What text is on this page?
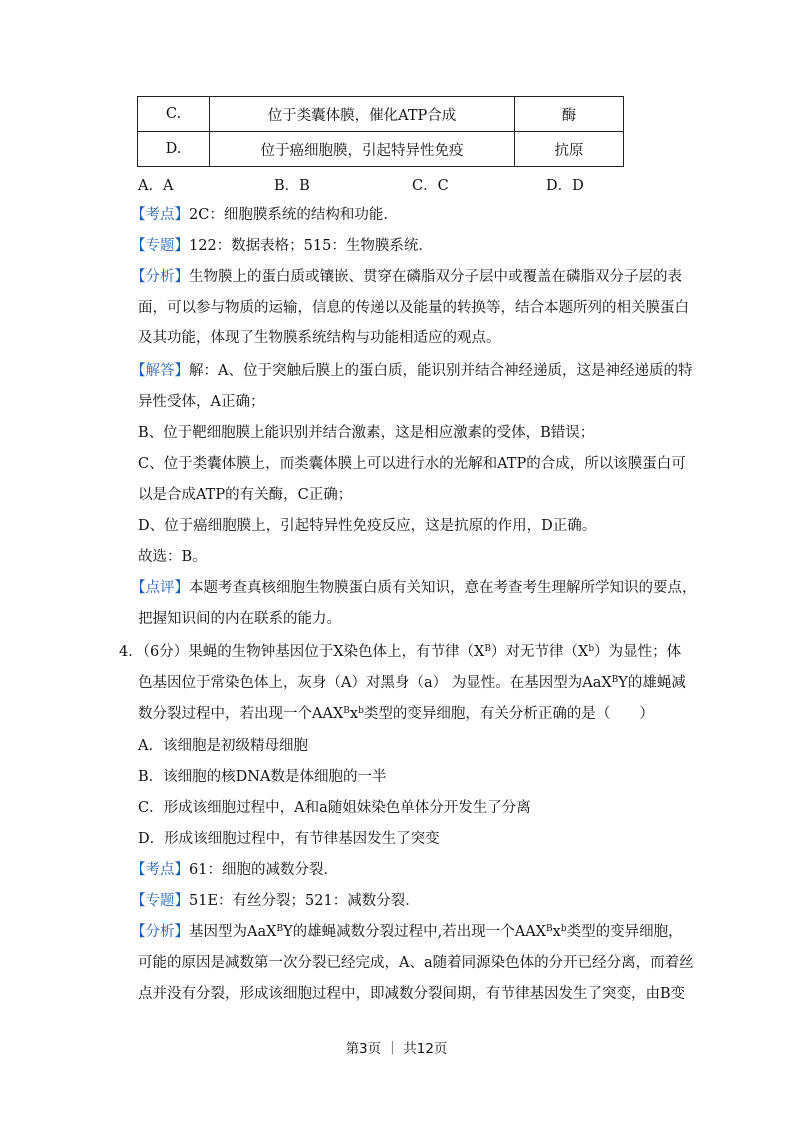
C.	位于类囊体膜，催化ATP合成	酶
D.	位于癌细胞膜，引起特异性免疫	抗原
A．A	B．B	C．C	D．D
【考点】2C：细胞膜系统的结构和功能．
【专题】122：数据表格；515：生物膜系统．
【分析】生物膜上的蛋白质或镶嵌、贯穿在磷脂双分子层中或覆盖在磷脂双分子层的表
面，可以参与物质的运输，信息的传递以及能量的转换等，结合本题所列的相关膜蛋白
及其功能，体现了生物膜系统结构与功能相适应的观点。
【解答】解：A、位于突触后膜上的蛋白质，能识别并结合神经递质，这是神经递质的特
异性受体，A正确；
B、位于靶细胞膜上能识别并结合激素，这是相应激素的受体，B错误；
C、位于类囊体膜上，而类囊体膜上可以进行水的光解和ATP的合成，所以该膜蛋白可
以是合成ATP的有关酶，C正确；
D、位于癌细胞膜上，引起特异性免疫反应，这是抗原的作用，D正确。
故选：B。
【点评】本题考查真核细胞生物膜蛋白质有关知识，意在考查考生理解所学知识的要点，
把握知识间的内在联系的能力。
4．（6分）果蝇的生物钟基因位于X染色体上，有节律$(X^B)$对无节律$(X^b)$为显性；体
色基因位于常染色体上，灰身（A）对黑身（a） 为显性。在基因型为AaX$^B$Y的雄蝇减
数分裂过程中，若出现一个$AAX^Bx^b$类型的变异细胞，有关分析正确的是（　　）
A．该细胞是初级精母细胞
B．该细胞的核DNA数是体细胞的一半
C．形成该细胞过程中，A和a随姐妹染色单体分开发生了分离
D．形成该细胞过程中，有节律基因发生了突变
【考点】61：细胞的减数分裂．
【专题】51E：有丝分裂；521：减数分裂．
【分析】基因型为AaX$^B$Y的雄蝇减数分裂过程中,若出现一个$AAX^Bx^b$类型的变异细胞，
可能的原因是减数第一次分裂已经完成，A、a随着同源染色体的分开已经分离，而着丝
点并没有分裂，形成该细胞过程中，即减数分裂间期，有节律基因发生了突变，由B变
第3页 ｜ 共12页
